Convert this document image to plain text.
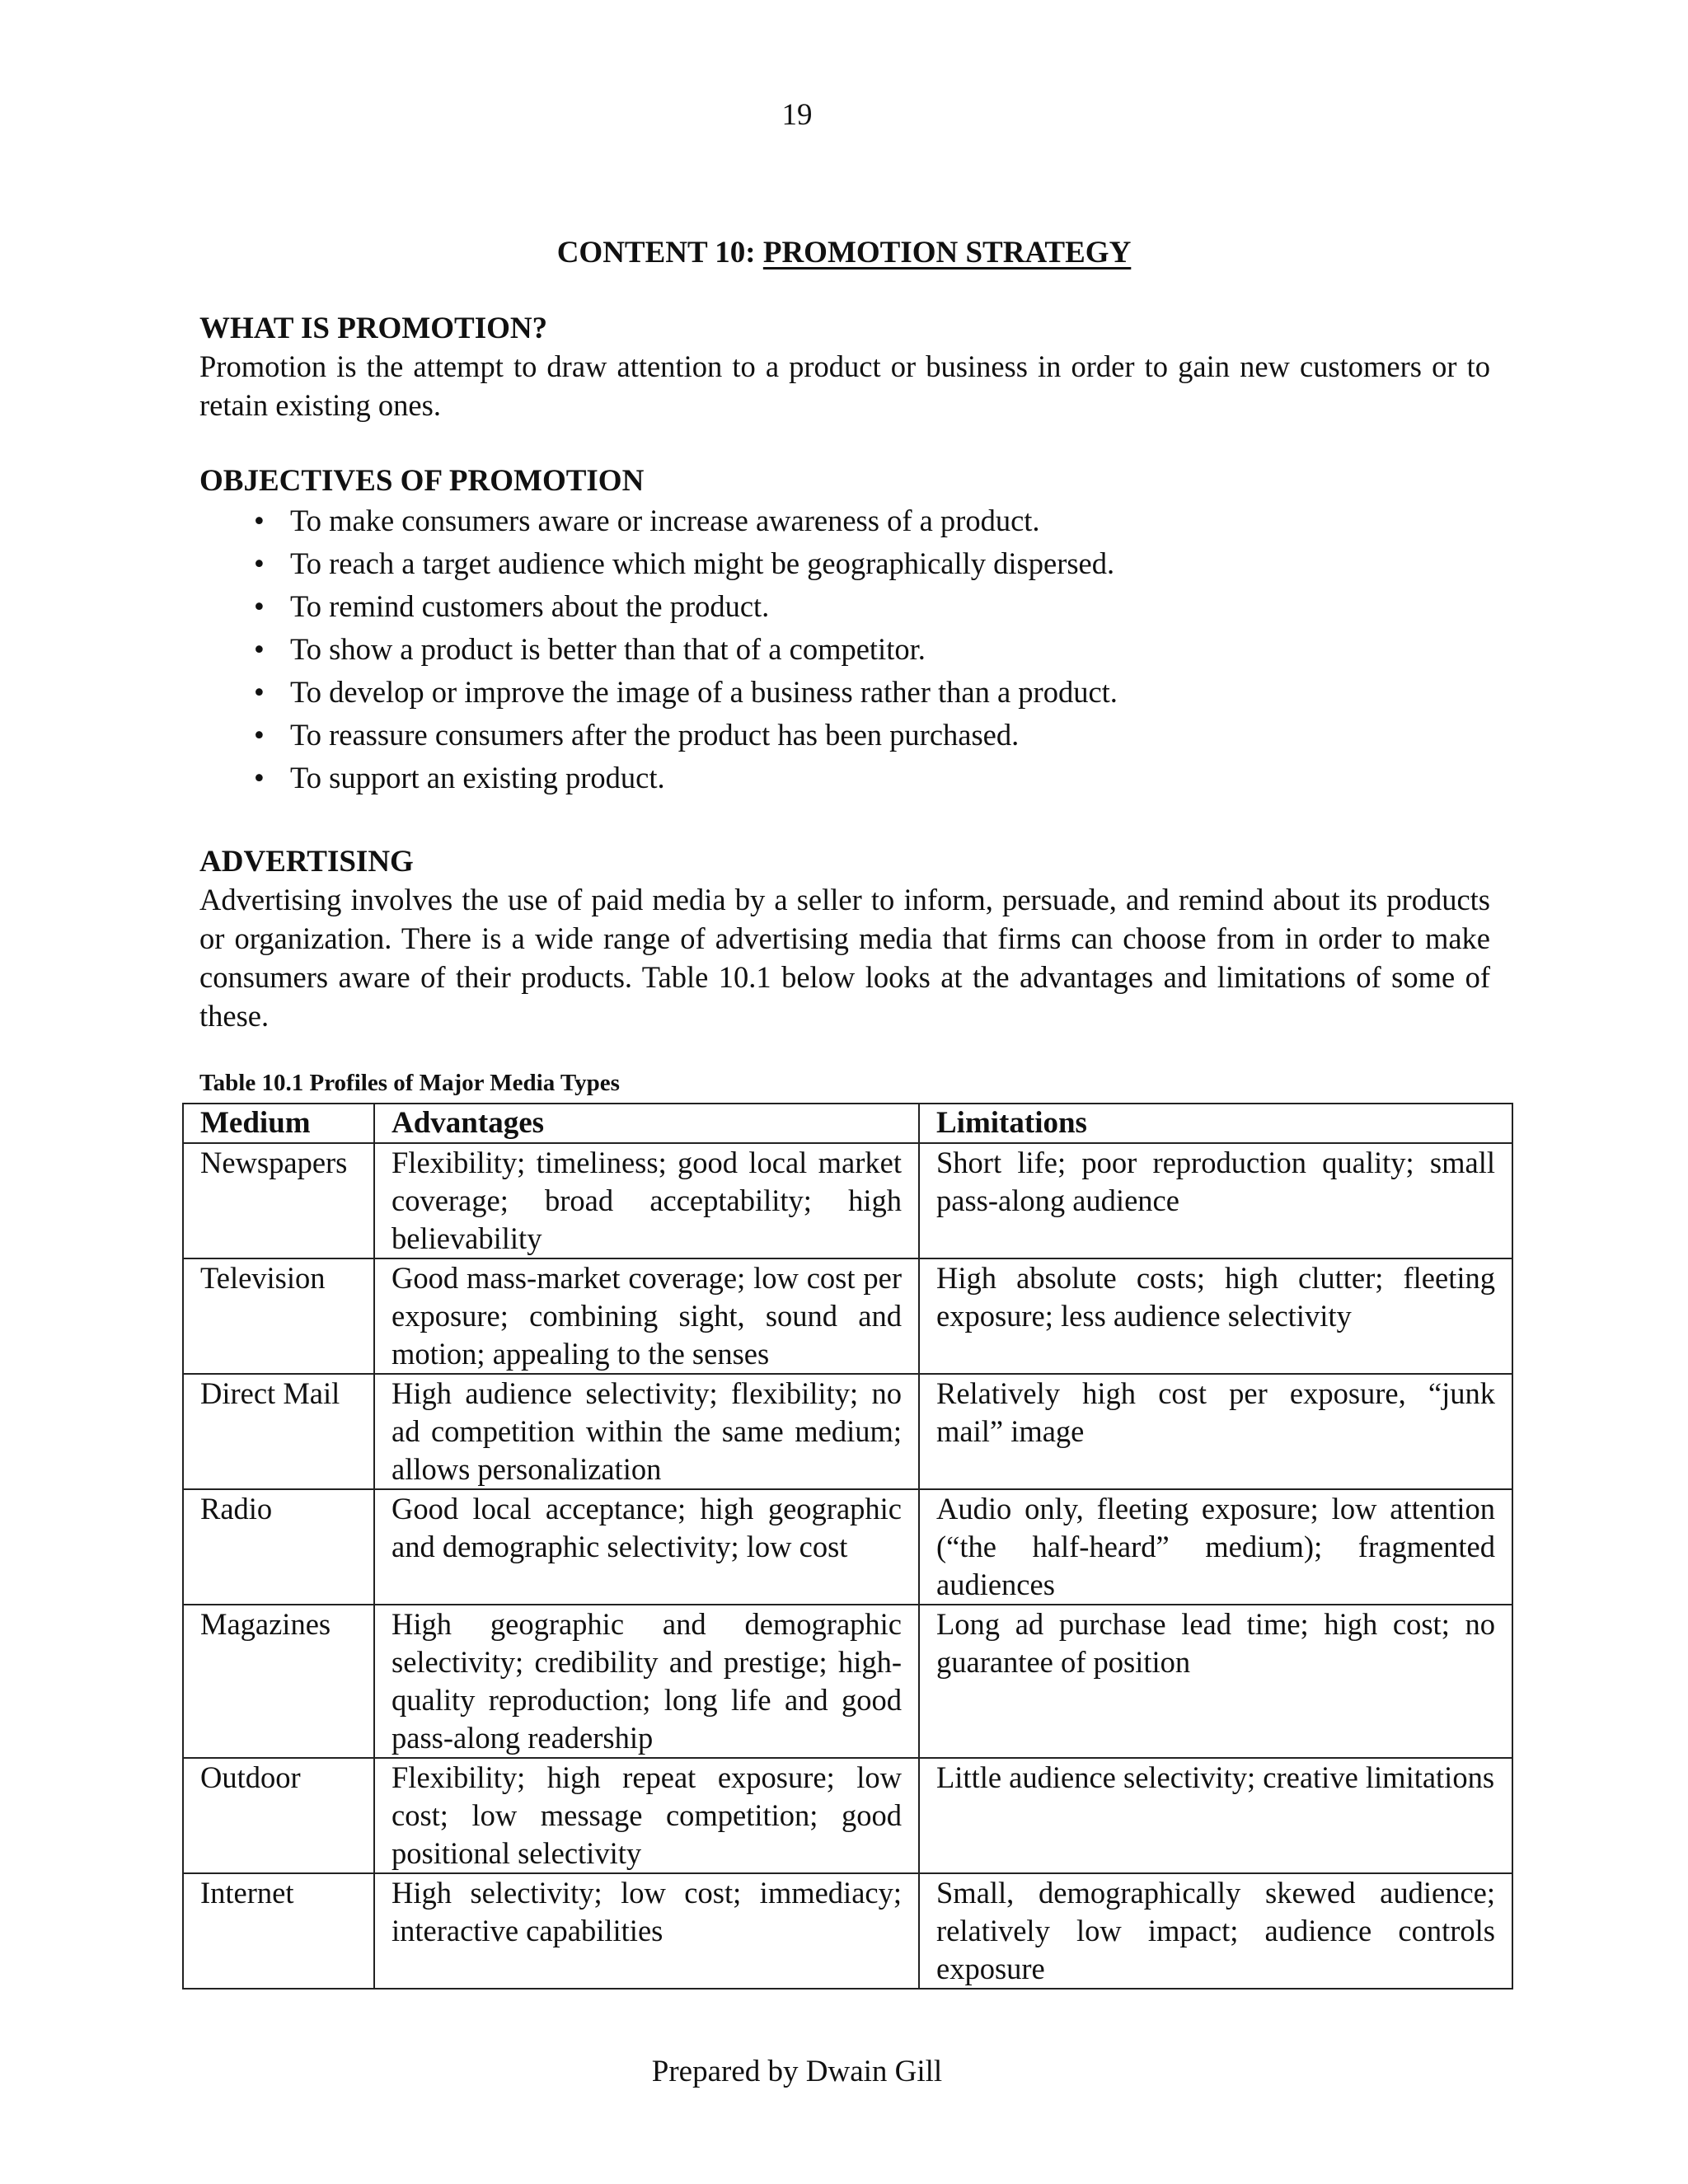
19
CONTENT 10: PROMOTION STRATEGY

WHAT IS PROMOTION?

Promotion is the attempt to draw attention to a product or business in order to gain new customers or to retain existing ones.

OBJECTIVES OF PROMOTION

• To make consumers aware or increase awareness of a product.
• To reach a target audience which might be geographically dispersed.
• To remind customers about the product.
• To show a product is better than that of a competitor.
• To develop or improve the image of a business rather than a product.
• To reassure consumers after the product has been purchased.
• To support an existing product.

ADVERTISING

Advertising involves the use of paid media by a seller to inform, persuade, and remind about its products or organization. There is a wide range of advertising media that firms can choose from in order to make consumers aware of their products. Table 10.1 below looks at the advantages and limitations of some of these.

Table 10.1 Profiles of Major Media Types
Medium	Advantages	Limitations
Newspapers	Flexibility; timeliness; good local market coverage; broad acceptability; high believability	Short life; poor reproduction quality; small pass-along audience
Television	Good mass-market coverage; low cost per exposure; combining sight, sound and motion; appealing to the senses	High absolute costs; high clutter; fleeting exposure; less audience selectivity
Direct Mail	High audience selectivity; flexibility; no ad competition within the same medium; allows personalization	Relatively high cost per exposure, “junk mail” image
Radio	Good local acceptance; high geographic and demographic selectivity; low cost	Audio only, fleeting exposure; low attention (“the half-heard” medium); fragmented audiences
Magazines	High geographic and demographic selectivity; credibility and prestige; high-quality reproduction; long life and good pass-along readership	Long ad purchase lead time; high cost; no guarantee of position
Outdoor	Flexibility; high repeat exposure; low cost; low message competition; good positional selectivity	Little audience selectivity; creative limitations
Internet	High selectivity; low cost; immediacy; interactive capabilities	Small, demographically skewed audience; relatively low impact; audience controls exposure
Prepared by Dwain Gill
